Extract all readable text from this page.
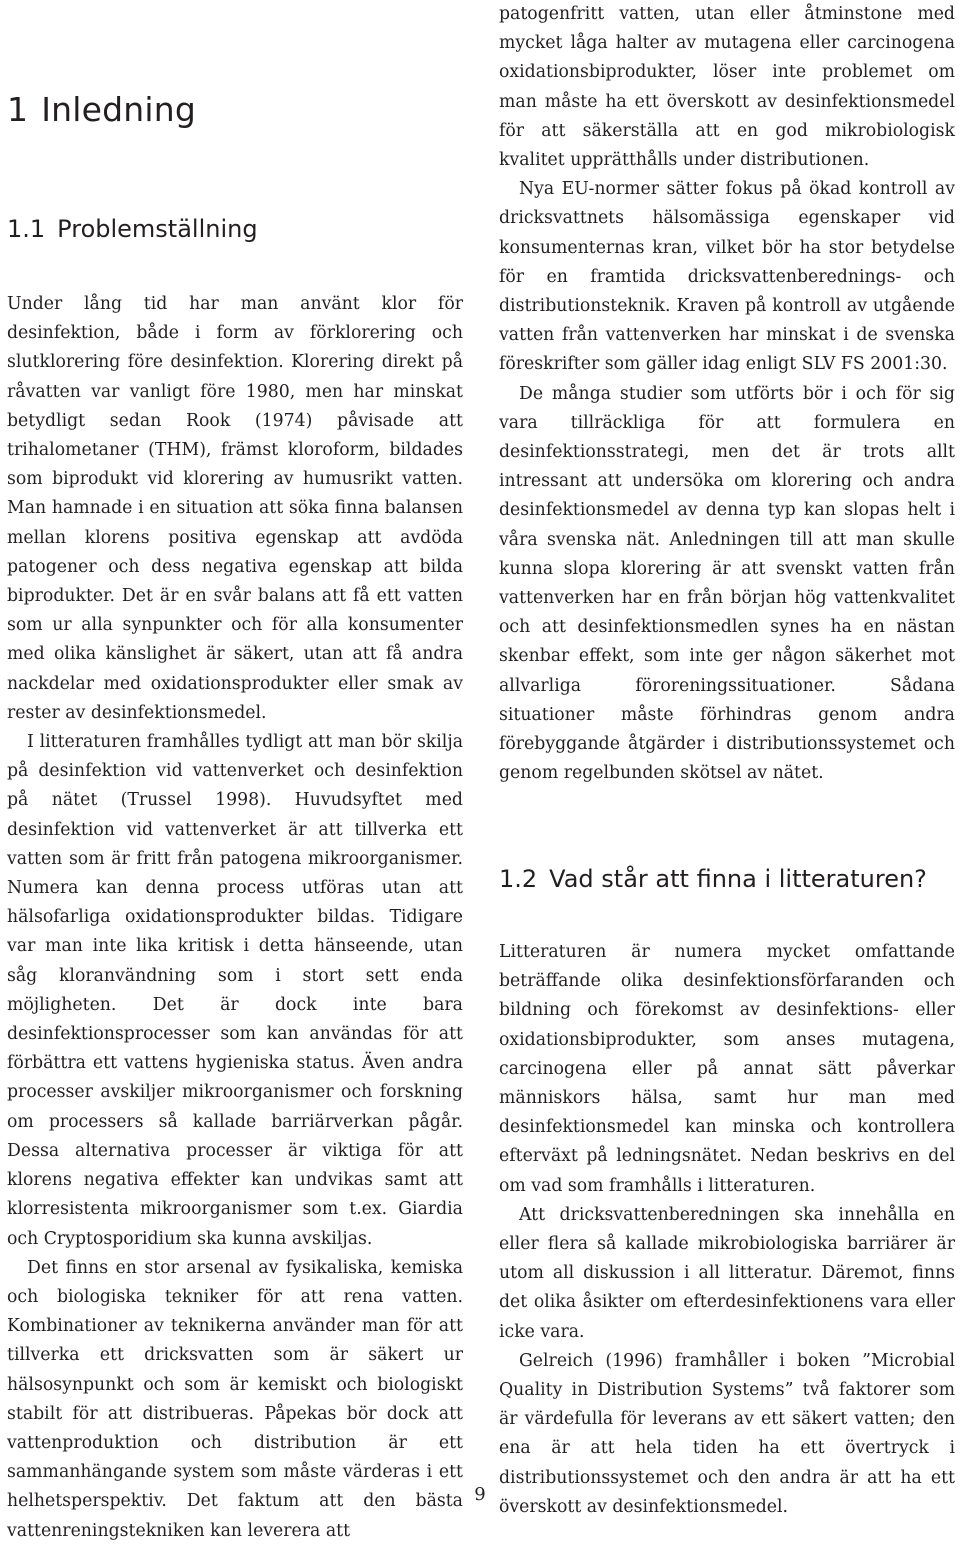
1 Inledning
1.1 Problemställning

Under lång tid har man använt klor för desinfektion, både i form av förklorering och slutklorering före desinfektion. Klorering direkt på råvatten var vanligt före 1980, men har minskat betydligt sedan Rook (1974) påvisade att trihalometaner (THM), främst kloroform, bildades som biprodukt vid klorering av humusrikt vatten. Man hamnade i en situation att söka finna balansen mellan klorens positiva egenskap att avdöda patogener och dess negativa egenskap att bilda biprodukter. Det är en svår balans att få ett vatten som ur alla synpunkter och för alla konsumenter med olika känslighet är säkert, utan att få andra nackdelar med oxidationsprodukter eller smak av rester av desinfektionsmedel.

I litteraturen framhålles tydligt att man bör skilja på desinfektion vid vattenverket och desinfektion på nätet (Trussel 1998). Huvudsyftet med desinfektion vid vattenverket är att tillverka ett vatten som är fritt från patogena mikroorganismer. Numera kan denna process utföras utan att hälsofarliga oxidationsprodukter bildas. Tidigare var man inte lika kritisk i detta hänseende, utan såg kloranvändning som i stort sett enda möjligheten. Det är dock inte bara desinfektionsprocesser som kan användas för att förbättra ett vattens hygieniska status. Även andra processer avskiljer mikroorganismer och forskning om processers så kallade barriärverkan pågår. Dessa alternativa processer är viktiga för att klorens negativa effekter kan undvikas samt att klorresistenta mikroorganismer som t.ex. Giardia och Cryptosporidium ska kunna avskiljas.

Det finns en stor arsenal av fysikaliska, kemiska och biologiska tekniker för att rena vatten. Kombinationer av teknikerna använder man för att tillverka ett dricksvatten som är säkert ur hälsosynpunkt och som är kemiskt och biologiskt stabilt för att distribueras. Påpekas bör dock att vattenproduktion och distribution är ett sammanhängande system som måste värderas i ett helhetsperspektiv. Det faktum att den bästa vattenreningstekniken kan leverera att

patogenfritt vatten, utan eller åtminstone med mycket låga halter av mutagena eller carcinogena oxidationsbiprodukter, löser inte problemet om man måste ha ett överskott av desinfektionsmedel för att säkerställa att en god mikrobiologisk kvalitet upprätthålls under distributionen.

Nya EU-normer sätter fokus på ökad kontroll av dricksvattnets hälsomässiga egenskaper vid konsumenternas kran, vilket bör ha stor betydelse för en framtida dricksvattenberednings- och distributionsteknik. Kraven på kontroll av utgående vatten från vattenverken har minskat i de svenska föreskrifter som gäller idag enligt SLV FS 2001:30.

De många studier som utförts bör i och för sig vara tillräckliga för att formulera en desinfektionsstrategi, men det är trots allt intressant att undersöka om klorering och andra desinfektionsmedel av denna typ kan slopas helt i våra svenska nät. Anledningen till att man skulle kunna slopa klorering är att svenskt vatten från vattenverken har en från början hög vattenkvalitet och att desinfektionsmedlen synes ha en nästan skenbar effekt, som inte ger någon säkerhet mot allvarliga föroreningssituationer. Sådana situationer måste förhindras genom andra förebyggande åtgärder i distributionssystemet och genom regelbunden skötsel av nätet.

1.2 Vad står att finna i litteraturen?

Litteraturen är numera mycket omfattande beträffande olika desinfektionsförfaranden och bildning och förekomst av desinfektions- eller oxidationsbiprodukter, som anses mutagena, carcinogena eller på annat sätt påverkar människors hälsa, samt hur man med desinfektionsmedel kan minska och kontrollera efterväxt på ledningsnätet. Nedan beskrivs en del om vad som framhålls i litteraturen.

Att dricksvattenberedningen ska innehålla en eller flera så kallade mikrobiologiska barriärer är utom all diskussion i all litteratur. Däremot, finns det olika åsikter om efterdesinfektionens vara eller icke vara.

Gelreich (1996) framhåller i boken ”Microbial Quality in Distribution Systems” två faktorer som är värdefulla för leverans av ett säkert vatten; den ena är att hela tiden ha ett övertryck i distributionssystemet och den andra är att ha ett överskott av desinfektionsmedel.

9
